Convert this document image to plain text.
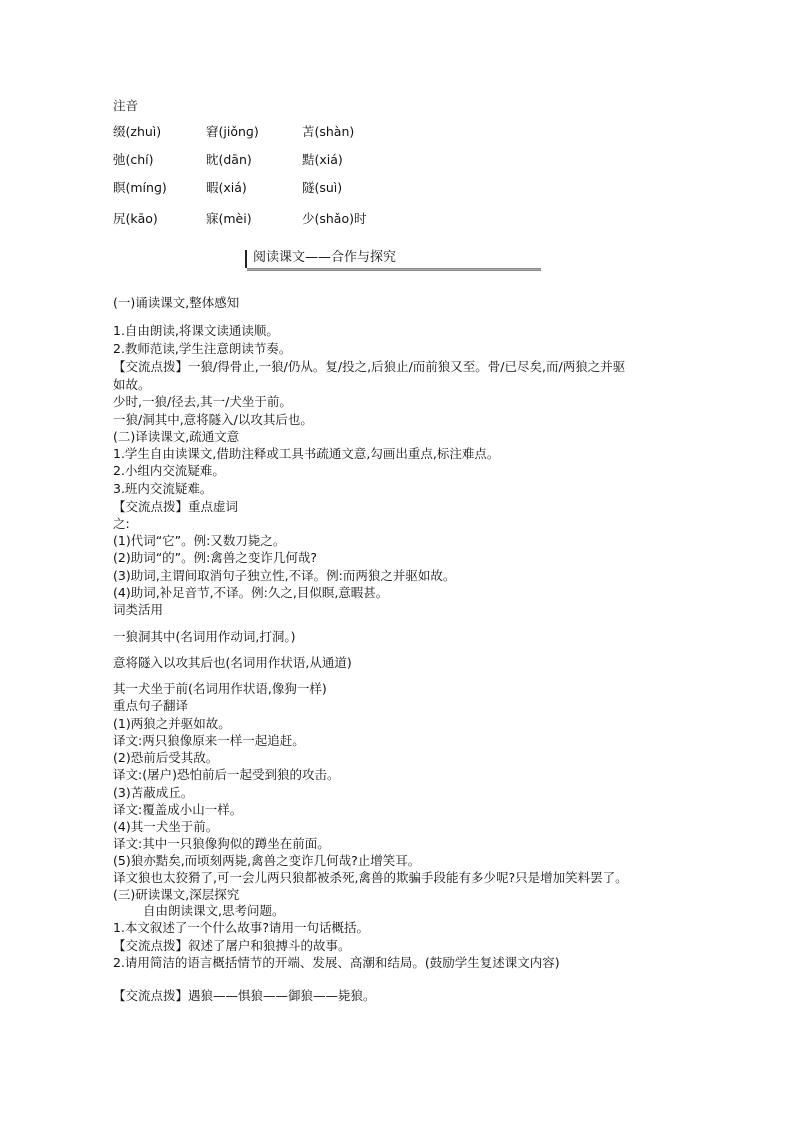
注音
缀(zhuì)	窘(jiǒnɡ)	苫(shàn)
弛(chí)	眈(dān)	黠(xiá)
瞑(mínɡ)	暇(xiá)	隧(suì)
尻(kāo)	寐(mèi)	少(shǎo)时
阅读课文——合作与探究
(一)诵读课文,整体感知
1.自由朗读,将课文读通读顺。
2.教师范读,学生注意朗读节奏。
【交流点拨】一狼/得骨止,一狼/仍从。复/投之,后狼止/而前狼又至。骨/已尽矣,而/两狼之并驱
如故。
少时,一狼/径去,其一/犬坐于前。
一狼/洞其中,意将隧入/以攻其后也。
(二)译读课文,疏通文意
1.学生自由读课文,借助注释或工具书疏通文意,勾画出重点,标注难点。
2.小组内交流疑难。
3.班内交流疑难。
【交流点拨】重点虚词
之:
(1)代词“它”。例:又数刀毙之。
(2)助词“的”。例:禽兽之变诈几何哉?
(3)助词,主谓间取消句子独立性,不译。例:而两狼之并驱如故。
(4)助词,补足音节,不译。例:久之,目似瞑,意暇甚。
词类活用
一狼洞其中(名词用作动词,打洞。)
意将隧入以攻其后也(名词用作状语,从通道)
其一犬坐于前(名词用作状语,像狗一样)
重点句子翻译
(1)两狼之并驱如故。
译文:两只狼像原来一样一起追赶。
(2)恐前后受其敌。
译文:(屠户)恐怕前后一起受到狼的攻击。
(3)苫蔽成丘。
译文:覆盖成小山一样。
(4)其一犬坐于前。
译文:其中一只狼像狗似的蹲坐在前面。
(5)狼亦黠矣,而顷刻两毙,禽兽之变诈几何哉?止增笑耳。
译文狼也太狡猾了,可一会儿两只狼都被杀死,禽兽的欺骗手段能有多少呢?只是增加笑料罢了。
(三)研读课文,深层探究
自由朗读课文,思考问题。
1.本文叙述了一个什么故事?请用一句话概括。
【交流点拨】叙述了屠户和狼搏斗的故事。
2.请用简洁的语言概括情节的开端、发展、高潮和结局。(鼓励学生复述课文内容)
【交流点拨】遇狼——惧狼——御狼——毙狼。
